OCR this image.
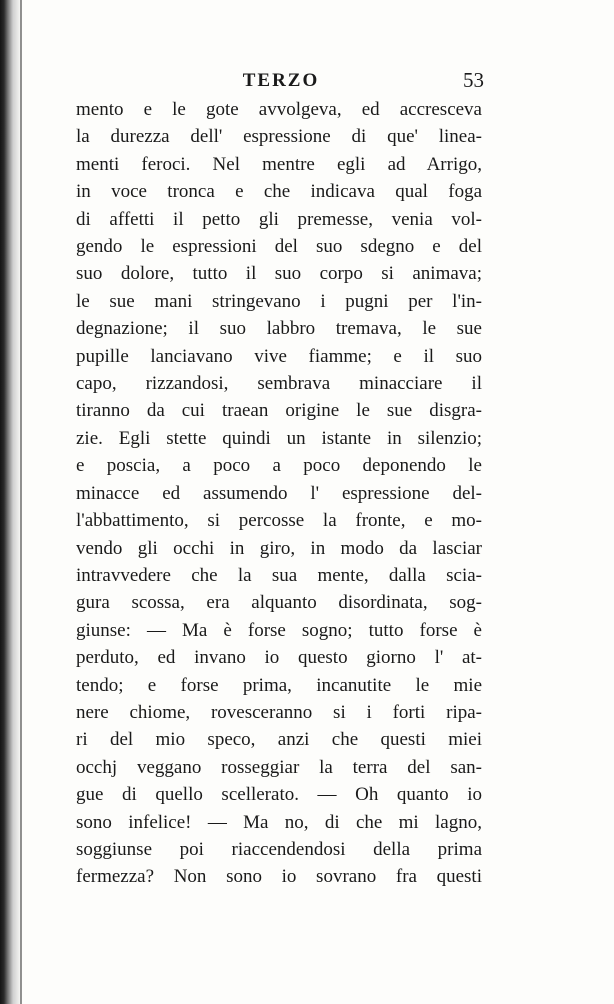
TERZO	53
mento e le gote avvolgeva, ed accresceva
la durezza dell' espressione di que' linea-
menti feroci. Nel mentre egli ad Arrigo,
in voce tronca e che indicava qual foga
di affetti il petto gli premesse, venia vol-
gendo le espressioni del suo sdegno e del
suo dolore, tutto il suo corpo si animava;
le sue mani stringevano i pugni per l'in-
degnazione; il suo labbro tremava, le sue
pupille lanciavano vive fiamme; e il suo
capo, rizzandosi, sembrava minacciare il
tiranno da cui traean origine le sue disgra-
zie. Egli stette quindi un istante in silenzio;
e poscia, a poco a poco deponendo le
minacce ed assumendo l' espressione del-
l'abbattimento, si percosse la fronte, e mo-
vendo gli occhi in giro, in modo da lasciar
intravvedere che la sua mente, dalla scia-
gura scossa, era alquanto disordinata, sog-
giunse: — Ma è forse sogno; tutto forse è
perduto, ed invano io questo giorno l' at-
tendo; e forse prima, incanutite le mie
nere chiome, rovesceranno si i forti ripa-
ri del mio speco, anzi che questi miei
occhj veggano rosseggiar la terra del san-
gue di quello scellerato. — Oh quanto io
sono infelice! — Ma no, di che mi lagno,
soggiunse poi riaccendendosi della prima
fermezza? Non sono io sovrano fra questi
